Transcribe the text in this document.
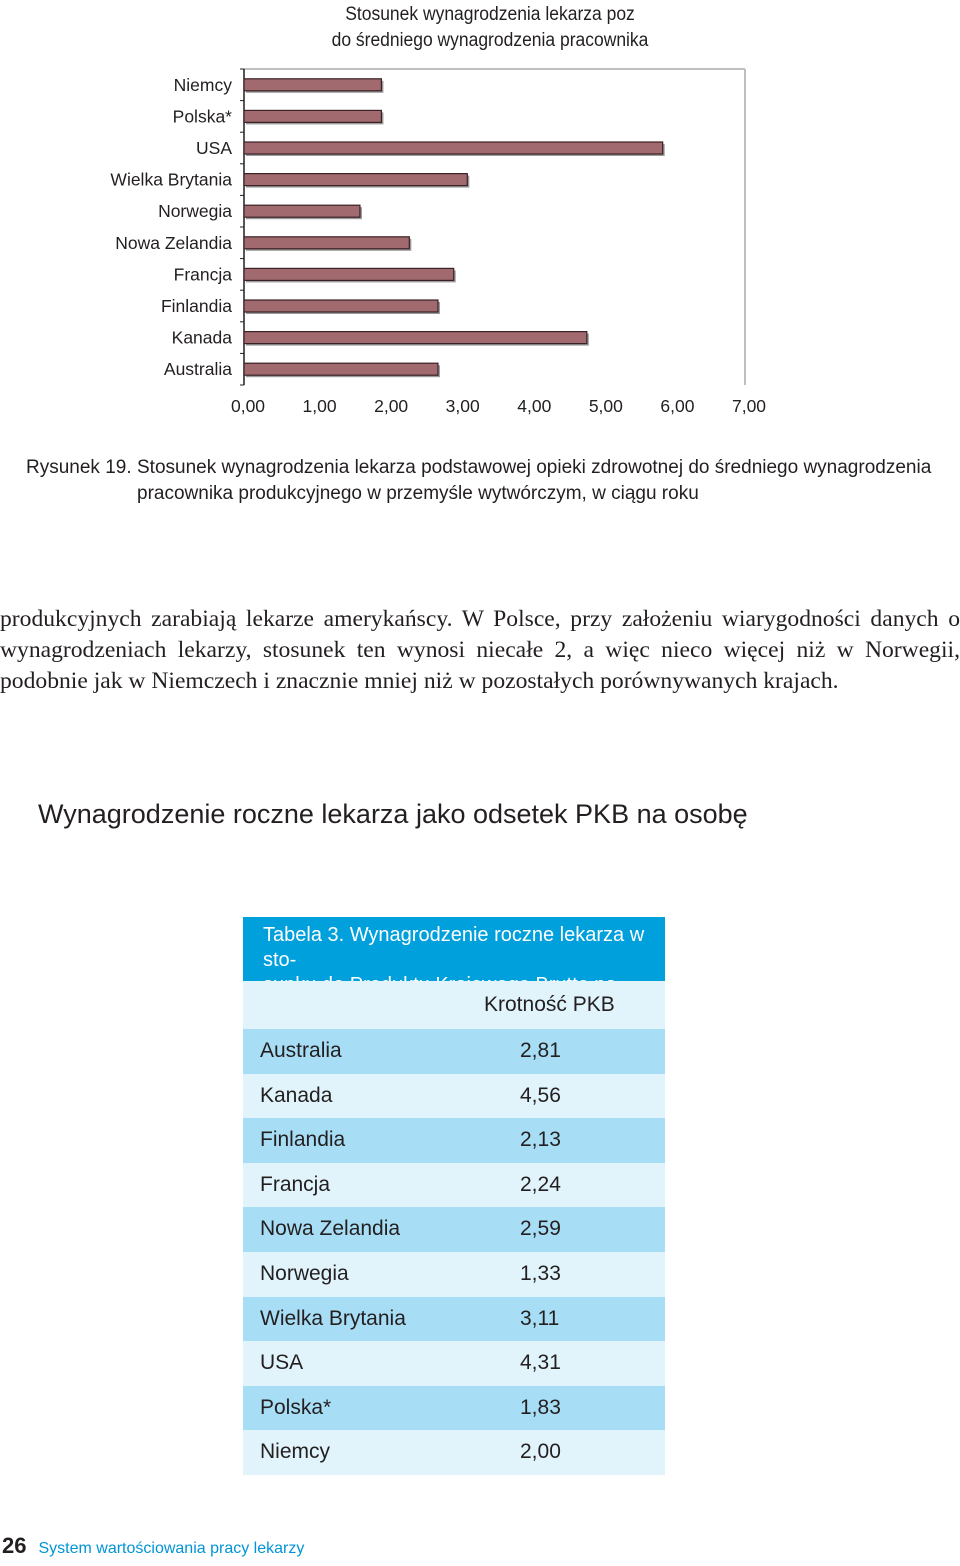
Stosunek wynagrodzenia lekarza poz
do średniego wynagrodzenia pracownika
Niemcy
Polska*
USA
Wielka Brytania
Norwegia
Nowa Zelandia
Francja
Finlandia
Kanada
Australia
0,00 1,00 2,00 3,00 4,00 5,00 6,00 7,00
Rysunek 19. Stosunek wynagrodzenia lekarza podstawowej opieki zdrowotnej do średniego wynagrodzenia pracownika produkcyjnego w przemyśle wytwórczym, w ciągu roku
produkcyjnych zarabiają lekarze amerykańscy. W Polsce, przy założeniu wiarygodności danych o wynagrodzeniach lekarzy, stosunek ten wynosi niecałe 2, a więc nieco więcej niż w Norwegii, podobnie jak w Niemczech i znacznie mniej niż w pozostałych porównywanych krajach.
Wynagrodzenie roczne lekarza jako odsetek PKB na osobę
Tabela 3. Wynagrodzenie roczne lekarza w sto-
Krotność PKB
Australia	2,81
Kanada	4,56
Finlandia	2,13
Francja	2,24
Nowa Zelandia	2,59
Norwegia	1,33
Wielka Brytania	3,11
USA	4,31
Polska*	1,83
Niemcy	2,00
26 System wartościowania pracy lekarzy
